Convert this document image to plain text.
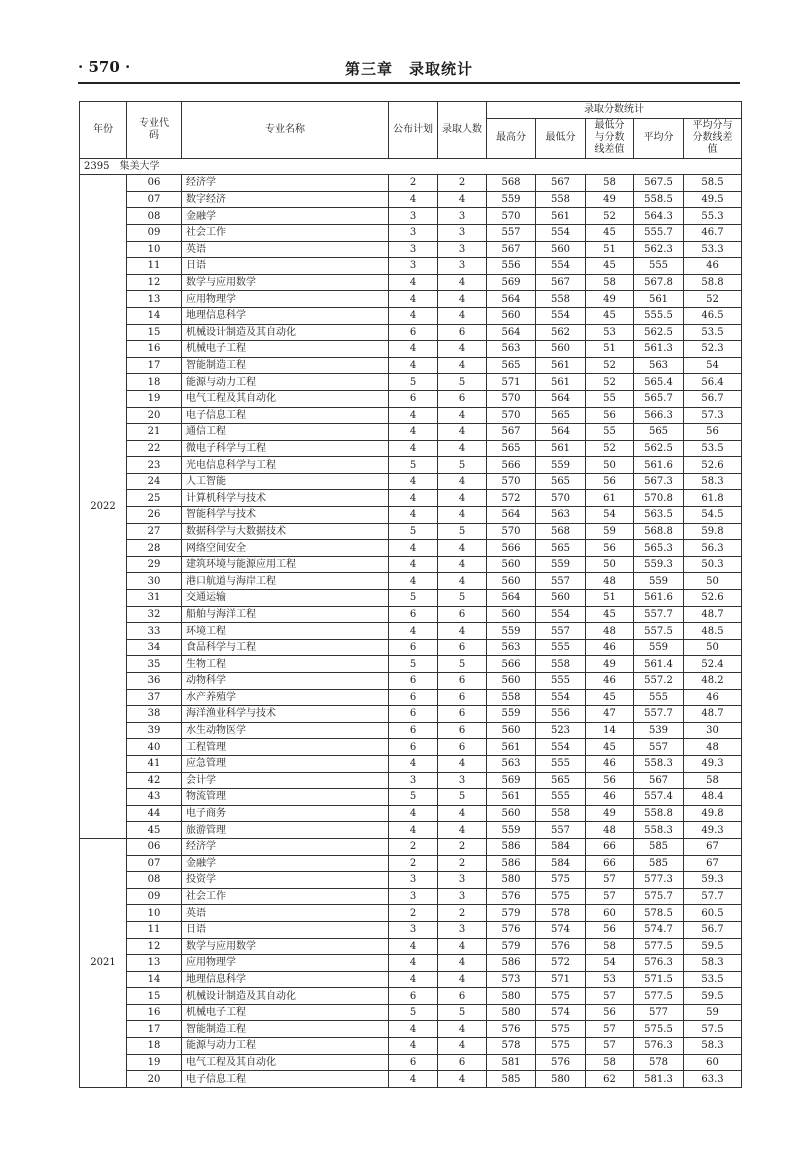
· 570 ·	第三章　录取统计
年份	专业代码	专业名称	公布计划	录取人数	录取分数统计				
					最高分	最低分	最低分与分数线差值	平均分	平均分与分数线差值
2395　集美大学									
2022	06	经济学	2	2	568	567	58	567.5	58.5
	07	数字经济	4	4	559	558	49	558.5	49.5
	08	金融学	3	3	570	561	52	564.3	55.3
	09	社会工作	3	3	557	554	45	555.7	46.7
	10	英语	3	3	567	560	51	562.3	53.3
	11	日语	3	3	556	554	45	555	46
	12	数学与应用数学	4	4	569	567	58	567.8	58.8
	13	应用物理学	4	4	564	558	49	561	52
	14	地理信息科学	4	4	560	554	45	555.5	46.5
	15	机械设计制造及其自动化	6	6	564	562	53	562.5	53.5
	16	机械电子工程	4	4	563	560	51	561.3	52.3
	17	智能制造工程	4	4	565	561	52	563	54
	18	能源与动力工程	5	5	571	561	52	565.4	56.4
	19	电气工程及其自动化	6	6	570	564	55	565.7	56.7
	20	电子信息工程	4	4	570	565	56	566.3	57.3
	21	通信工程	4	4	567	564	55	565	56
	22	微电子科学与工程	4	4	565	561	52	562.5	53.5
	23	光电信息科学与工程	5	5	566	559	50	561.6	52.6
	24	人工智能	4	4	570	565	56	567.3	58.3
	25	计算机科学与技术	4	4	572	570	61	570.8	61.8
	26	智能科学与技术	4	4	564	563	54	563.5	54.5
	27	数据科学与大数据技术	5	5	570	568	59	568.8	59.8
	28	网络空间安全	4	4	566	565	56	565.3	56.3
	29	建筑环境与能源应用工程	4	4	560	559	50	559.3	50.3
	30	港口航道与海岸工程	4	4	560	557	48	559	50
	31	交通运输	5	5	564	560	51	561.6	52.6
	32	船舶与海洋工程	6	6	560	554	45	557.7	48.7
	33	环境工程	4	4	559	557	48	557.5	48.5
	34	食品科学与工程	6	6	563	555	46	559	50
	35	生物工程	5	5	566	558	49	561.4	52.4
	36	动物科学	6	6	560	555	46	557.2	48.2
	37	水产养殖学	6	6	558	554	45	555	46
	38	海洋渔业科学与技术	6	6	559	556	47	557.7	48.7
	39	水生动物医学	6	6	560	523	14	539	30
	40	工程管理	6	6	561	554	45	557	48
	41	应急管理	4	4	563	555	46	558.3	49.3
	42	会计学	3	3	569	565	56	567	58
	43	物流管理	5	5	561	555	46	557.4	48.4
	44	电子商务	4	4	560	558	49	558.8	49.8
	45	旅游管理	4	4	559	557	48	558.3	49.3
2021	06	经济学	2	2	586	584	66	585	67
	07	金融学	2	2	586	584	66	585	67
	08	投资学	3	3	580	575	57	577.3	59.3
	09	社会工作	3	3	576	575	57	575.7	57.7
	10	英语	2	2	579	578	60	578.5	60.5
	11	日语	3	3	576	574	56	574.7	56.7
	12	数学与应用数学	4	4	579	576	58	577.5	59.5
	13	应用物理学	4	4	586	572	54	576.3	58.3
	14	地理信息科学	4	4	573	571	53	571.5	53.5
	15	机械设计制造及其自动化	6	6	580	575	57	577.5	59.5
	16	机械电子工程	5	5	580	574	56	577	59
	17	智能制造工程	4	4	576	575	57	575.5	57.5
	18	能源与动力工程	4	4	578	575	57	576.3	58.3
	19	电气工程及其自动化	6	6	581	576	58	578	60
	20	电子信息工程	4	4	585	580	62	581.3	63.3
